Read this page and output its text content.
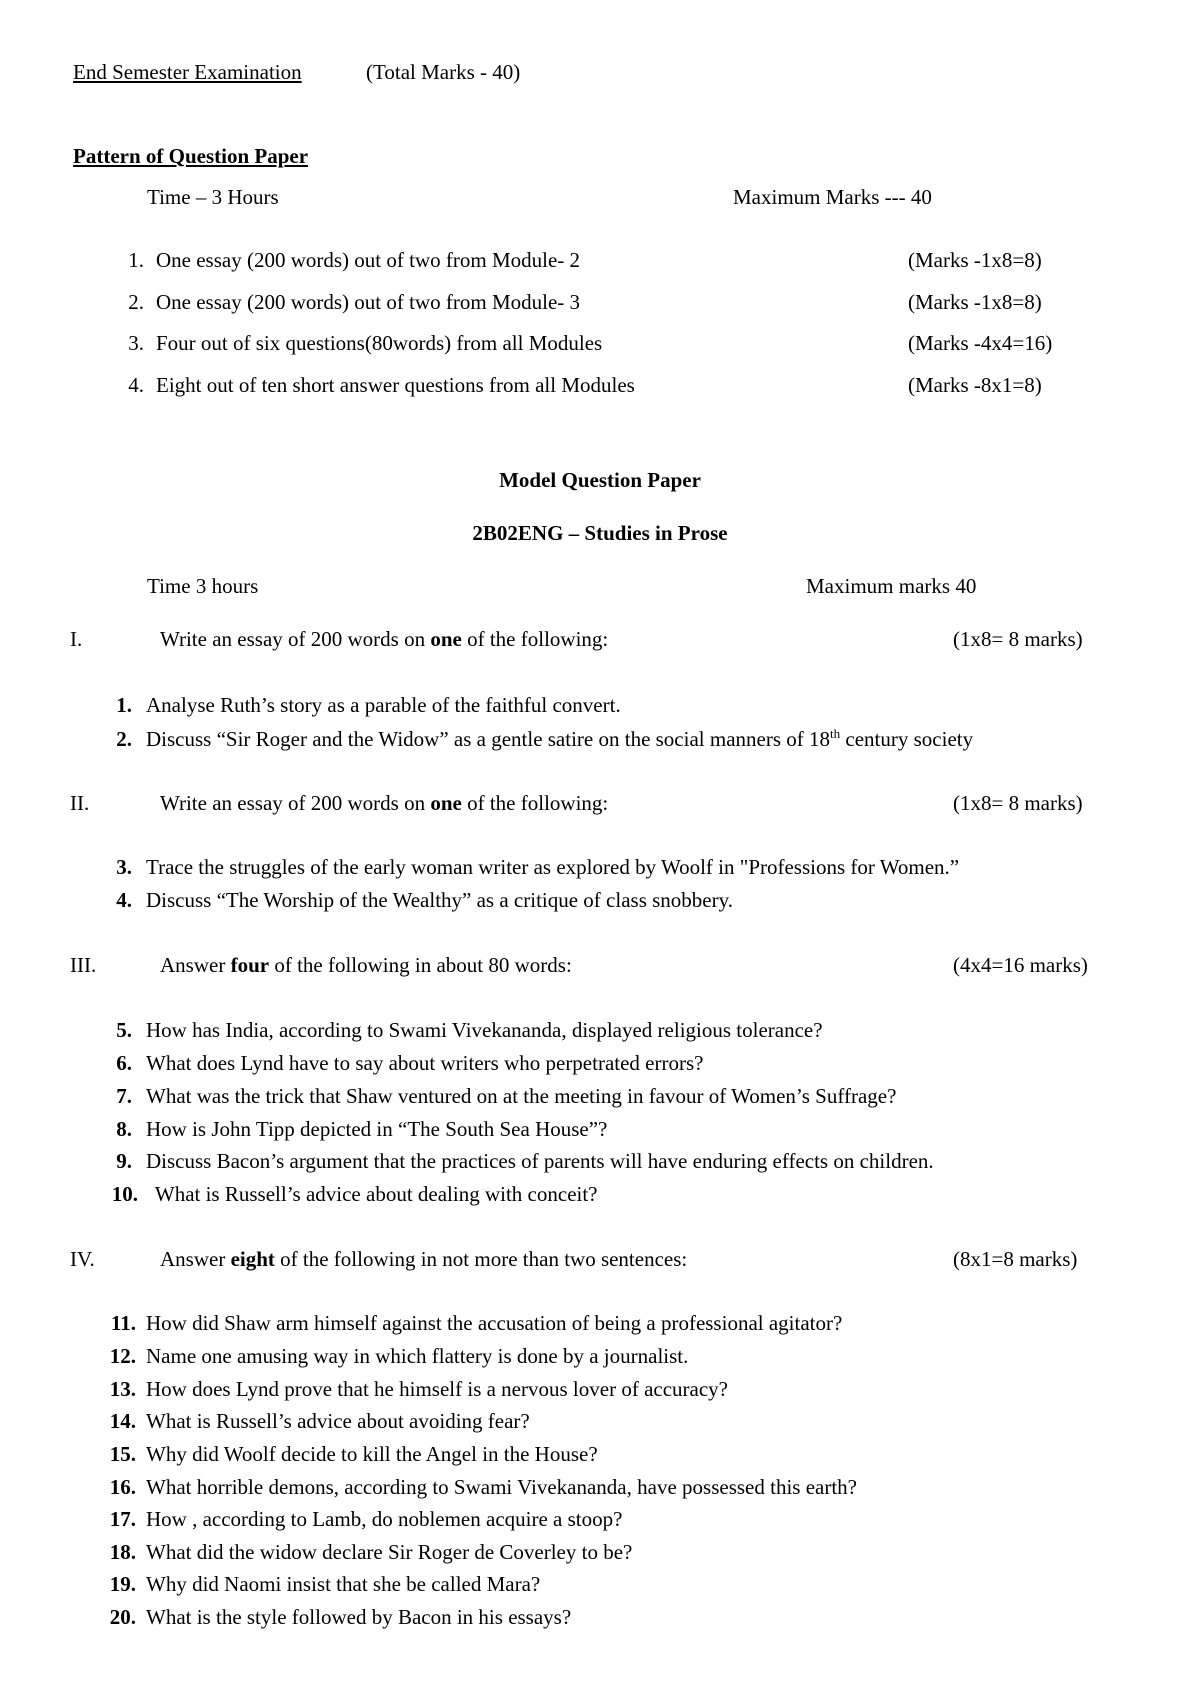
End Semester Examination	(Total Marks - 40)
Pattern of Question Paper
Time – 3 Hours	Maximum Marks --- 40
1. One essay (200 words) out of two from Module- 2	(Marks -1x8=8)
2. One essay (200 words) out of two from Module- 3	(Marks -1x8=8)
3. Four out of six questions(80words) from all Modules	(Marks -4x4=16)
4. Eight out of ten short answer questions from all Modules	(Marks -8x1=8)
Model Question Paper
2B02ENG – Studies in Prose
Time 3 hours	Maximum marks 40
I.	Write an essay of 200 words on one of the following:	(1x8= 8 marks)
1. Analyse Ruth’s story as a parable of the faithful convert.
2. Discuss “Sir Roger and the Widow” as a gentle satire on the social manners of 18th century society
II.	Write an essay of 200 words on one of the following:	(1x8= 8 marks)
3. Trace the struggles of the early woman writer as explored by Woolf in "Professions for Women.”
4. Discuss “The Worship of the Wealthy” as a critique of class snobbery.
III.	Answer four of the following in about 80 words:	(4x4=16 marks)
5. How has India, according to Swami Vivekananda, displayed religious tolerance?
6. What does Lynd have to say about writers who perpetrated errors?
7. What was the trick that Shaw ventured on at the meeting in favour of Women’s Suffrage?
8. How is John Tipp depicted in “The South Sea House”?
9. Discuss Bacon’s argument that the practices of parents will have enduring effects on children.
10. What is Russell’s advice about dealing with conceit?
IV.	Answer eight of the following in not more than two sentences:	(8x1=8 marks)
11. How did Shaw arm himself against the accusation of being a professional agitator?
12. Name one amusing way in which flattery is done by a journalist.
13. How does Lynd prove that he himself is a nervous lover of accuracy?
14. What is Russell’s advice about avoiding fear?
15. Why did Woolf decide to kill the Angel in the House?
16. What horrible demons, according to Swami Vivekananda, have possessed this earth?
17. How , according to Lamb, do noblemen acquire a stoop?
18. What did the widow declare Sir Roger de Coverley to be?
19. Why did Naomi insist that she be called Mara?
20. What is the style followed by Bacon in his essays?
